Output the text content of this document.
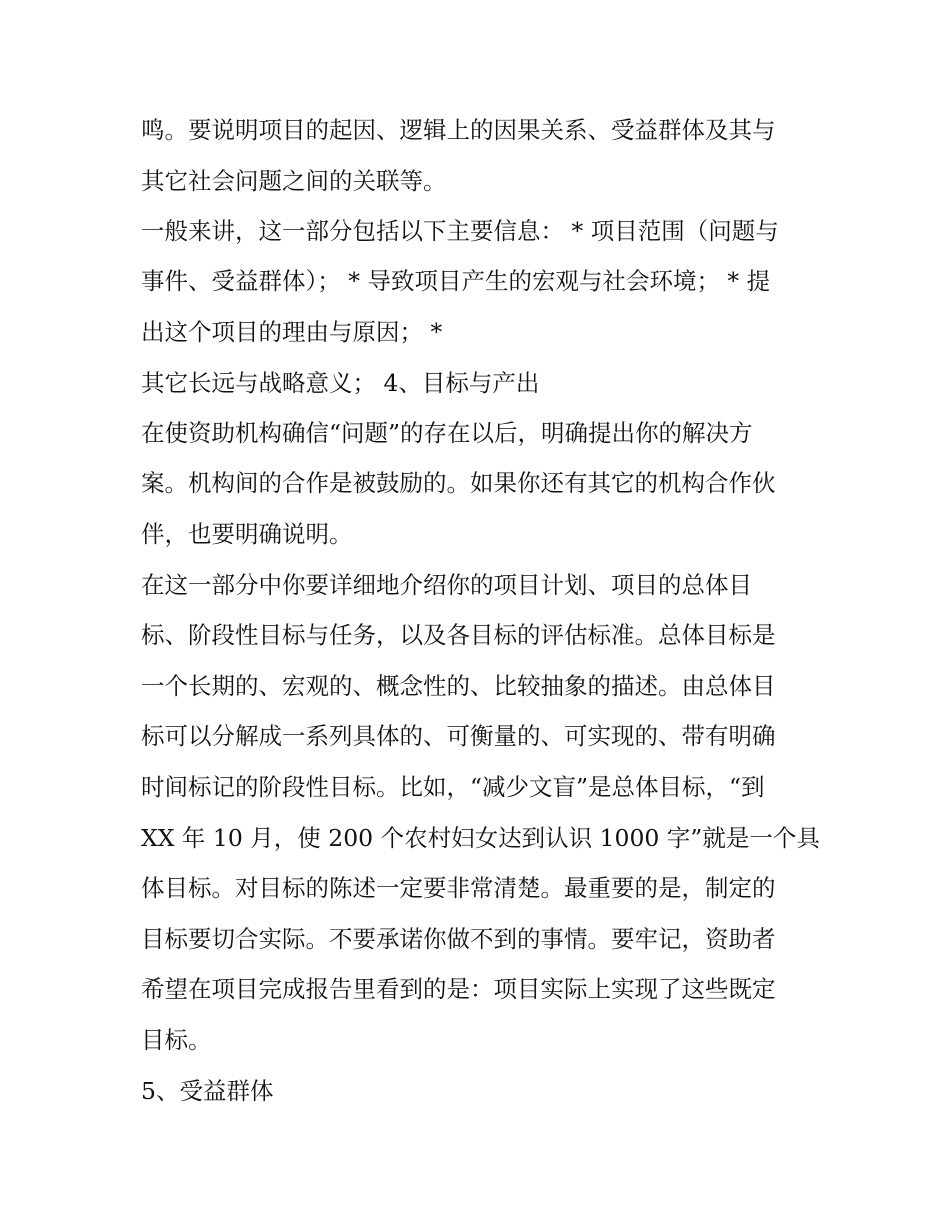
鸣。要说明项目的起因、逻辑上的因果关系、受益群体及其与

其它社会问题之间的关联等。

一般来讲，这一部分包括以下主要信息： * 项目范围（问题与

事件、受益群体）； * 导致项目产生的宏观与社会环境； * 提

出这个项目的理由与原因； *

其它长远与战略意义； 4、目标与产出

在使资助机构确信“问题”的存在以后，明确提出你的解决方

案。机构间的合作是被鼓励的。如果你还有其它的机构合作伙

伴，也要明确说明。

在这一部分中你要详细地介绍你的项目计划、项目的总体目

标、阶段性目标与任务，以及各目标的评估标准。总体目标是

一个长期的、宏观的、概念性的、比较抽象的描述。由总体目

标可以分解成一系列具体的、可衡量的、可实现的、带有明确

时间标记的阶段性目标。比如，“减少文盲”是总体目标，“到

XX 年 10 月，使 200 个农村妇女达到认识 1000 字”就是一个具

体目标。对目标的陈述一定要非常清楚。最重要的是，制定的

目标要切合实际。不要承诺你做不到的事情。要牢记，资助者

希望在项目完成报告里看到的是：项目实际上实现了这些既定

目标。

5、受益群体
